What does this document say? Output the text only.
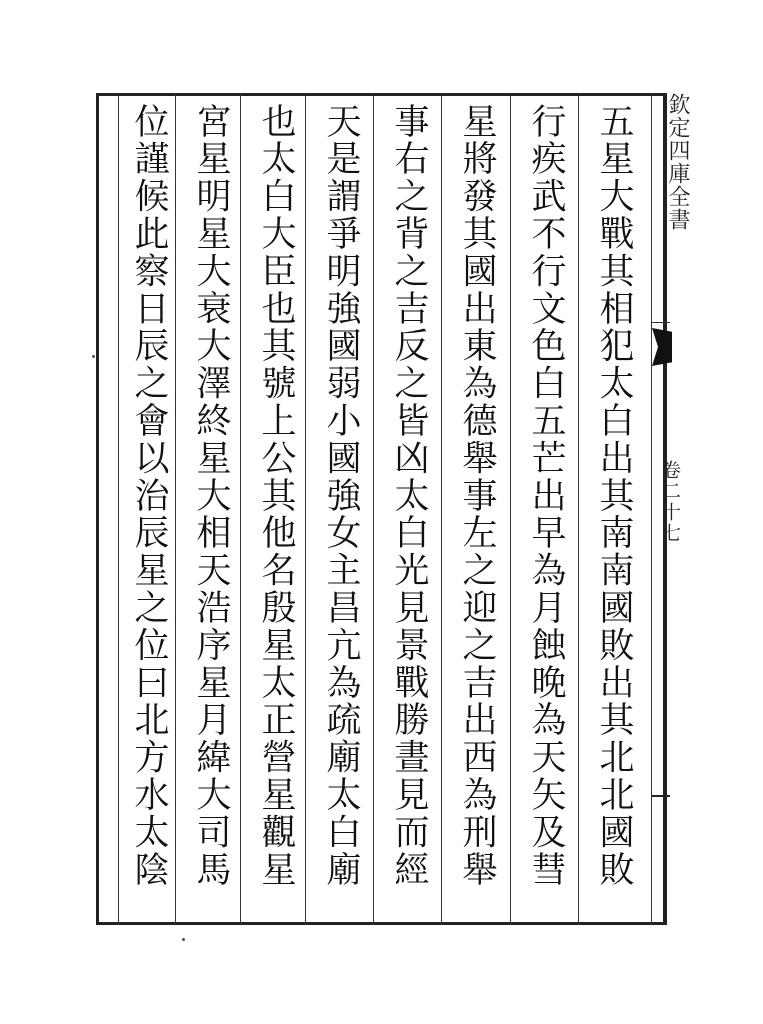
五星大戰其相犯太白出其南南國敗出其北北國敗
行疾武不行文色白五芒出早為月蝕晚為天矢及彗
星將發其國出東為德舉事左之迎之吉出西為刑舉
事右之背之吉反之皆凶太白光見景戰勝晝見而經
天是謂爭明強國弱小國強女主昌亢為疏廟太白廟
也太白大臣也其號上公其他名殷星太正營星觀星
宮星明星大衰大澤終星大相天浩序星月緯大司馬
位謹候此察日辰之會以治辰星之位曰北方水太陰	欽定四庫全書
卷二十七
